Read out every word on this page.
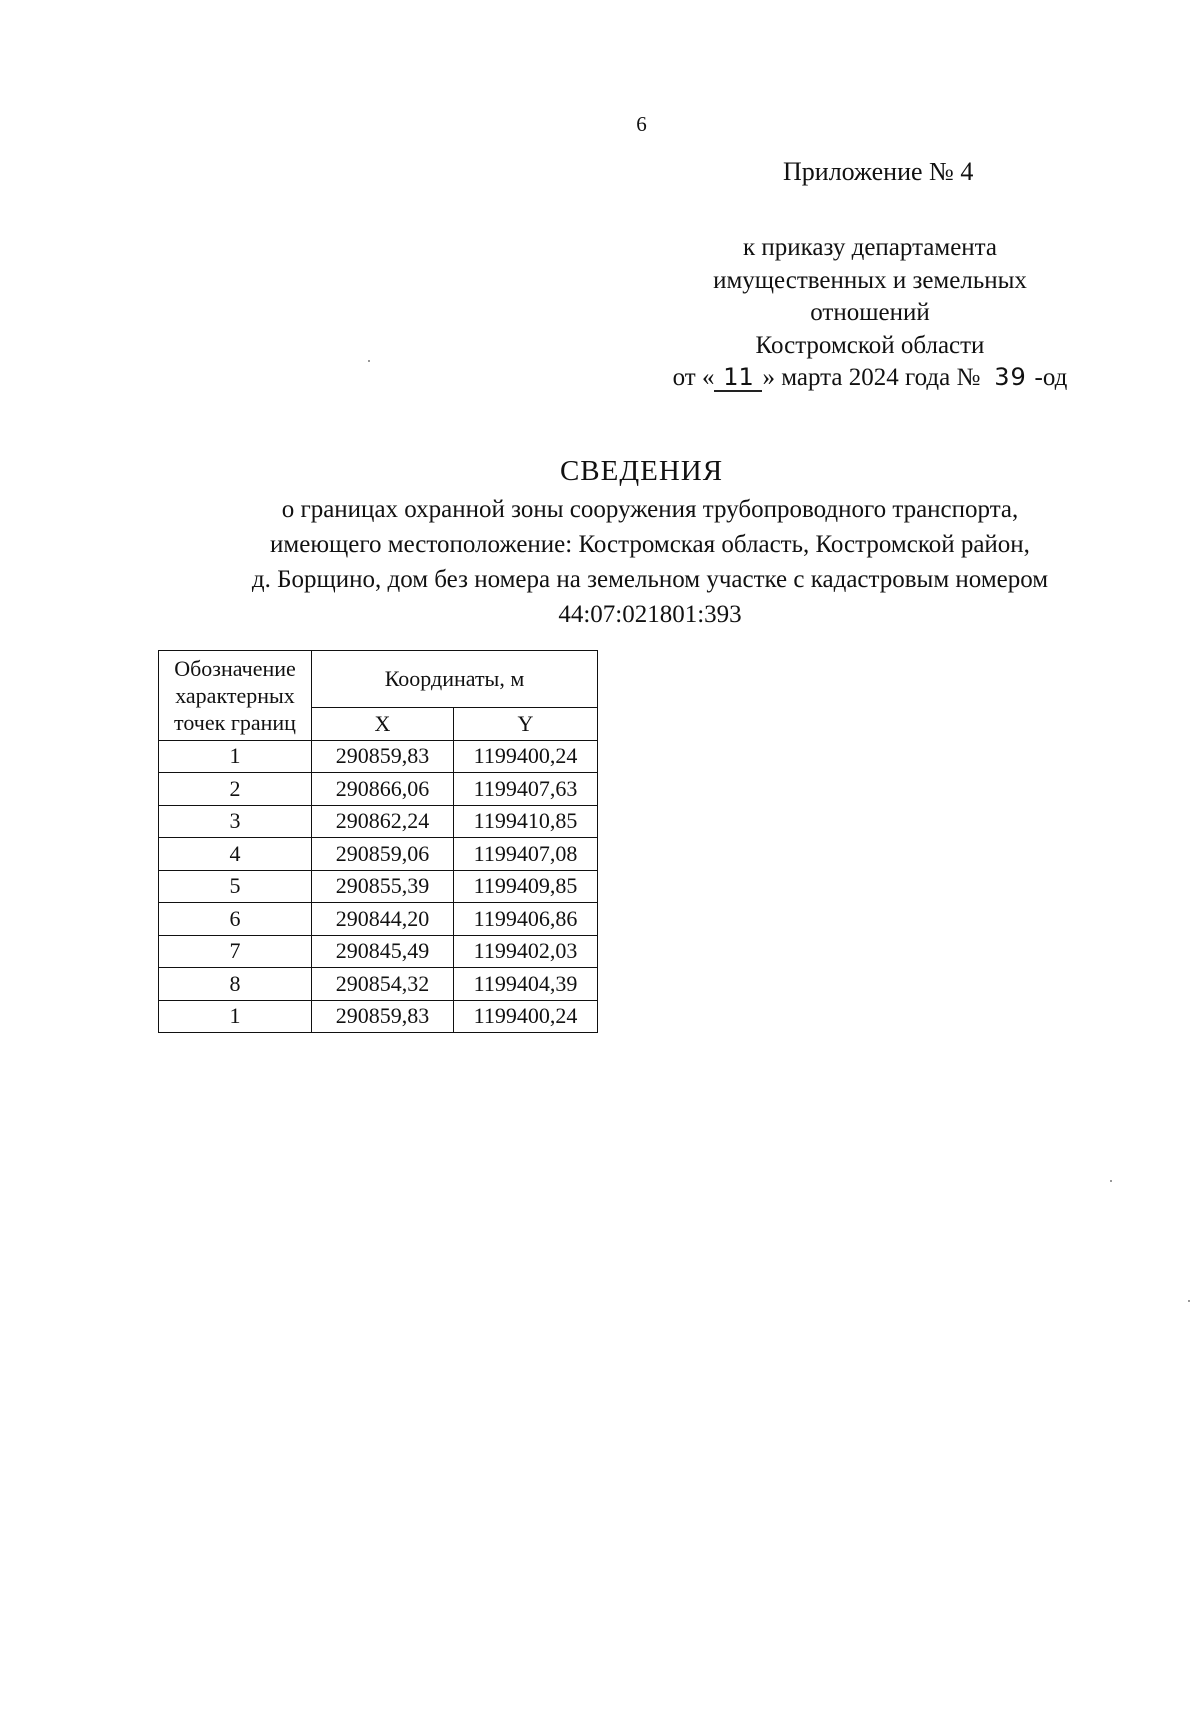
6
Приложение № 4
к приказу департамента
имущественных и земельных
отношений
Костромской области
от « 11 » марта 2024 года № 39 -од
СВЕДЕНИЯ
о границах охранной зоны сооружения трубопроводного транспорта,
имеющего местоположение: Костромская область, Костромской район,
д. Борщино, дом без номера на земельном участке с кадастровым номером
44:07:021801:393
Обозначение
характерных
точек границ	Координаты, м	
	X	Y
1	290859,83	1199400,24
2	290866,06	1199407,63
3	290862,24	1199410,85
4	290859,06	1199407,08
5	290855,39	1199409,85
6	290844,20	1199406,86
7	290845,49	1199402,03
8	290854,32	1199404,39
1	290859,83	1199400,24
